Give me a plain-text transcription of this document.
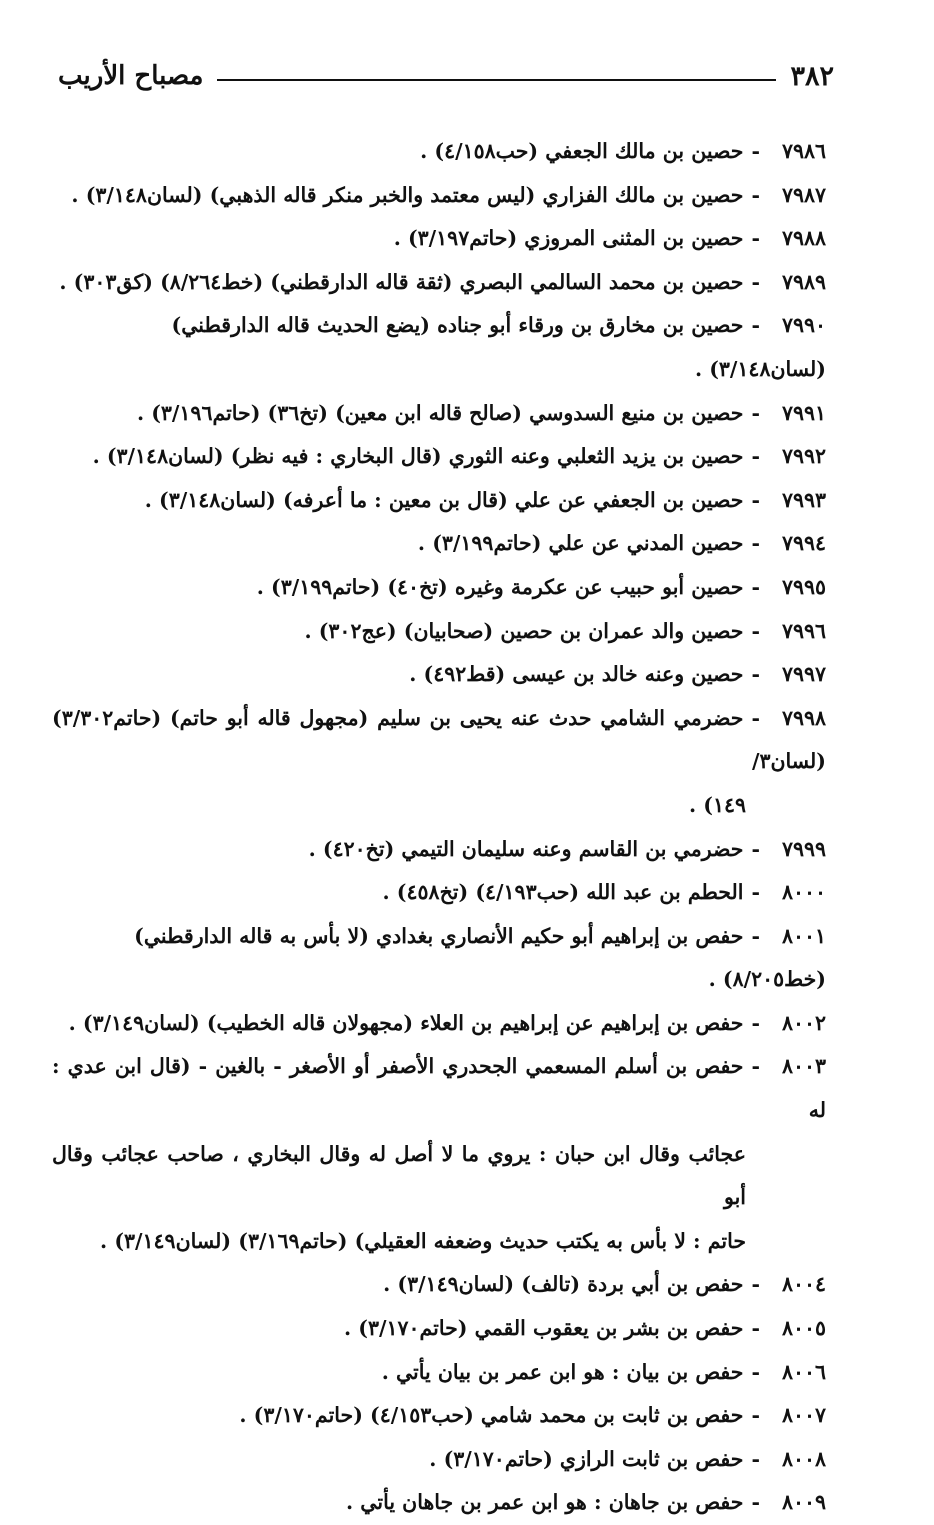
٣٨٢
مصباح الأريب
٧٩٨٦-حصين بن مالك الجعفي (حب٤/١٥٨) .
٧٩٨٧-حصين بن مالك الفزاري (ليس معتمد والخبر منكر قاله الذهبي) (لسان٣/١٤٨) .
٧٩٨٨-حصين بن المثنى المروزي (حاتم٣/١٩٧) .
٧٩٨٩-حصين بن محمد السالمي البصري (ثقة قاله الدارقطني) (خط٨/٢٦٤) (كق٣٠٣) .
٧٩٩٠-حصين بن مخارق بن ورقاء أبو جناده (يضع الحديث قاله الدارقطني) (لسان٣/١٤٨) .
٧٩٩١-حصين بن منيع السدوسي (صالح قاله ابن معين) (تخ٣٦) (حاتم٣/١٩٦) .
٧٩٩٢-حصين بن يزيد الثعلبي وعنه الثوري (قال البخاري : فيه نظر) (لسان٣/١٤٨) .
٧٩٩٣-حصين بن الجعفي عن علي (قال بن معين : ما أعرفه) (لسان٣/١٤٨) .
٧٩٩٤-حصين المدني عن علي (حاتم٣/١٩٩) .
٧٩٩٥-حصين أبو حبيب عن عكرمة وغيره (تخ٤٠) (حاتم٣/١٩٩) .
٧٩٩٦-حصين والد عمران بن حصين (صحابيان) (عج٣٠٢) .
٧٩٩٧-حصين وعنه خالد بن عيسى (قط٤٩٢) .
٧٩٩٨-حضرمي الشامي حدث عنه يحيى بن سليم (مجهول قاله أبو حاتم) (حاتم٣/٣٠٢) (لسان٣/
١٤٩) .
٧٩٩٩-حضرمي بن القاسم وعنه سليمان التيمي (تخ٤٢٠) .
٨٠٠٠-الحطم بن عبد الله (حب٤/١٩٣) (تخ٤٥٨) .
٨٠٠١-حفص بن إبراهيم أبو حكيم الأنصاري بغدادي (لا بأس به قاله الدارقطني) (خط٨/٢٠٥) .
٨٠٠٢-حفص بن إبراهيم عن إبراهيم بن العلاء (مجهولان قاله الخطيب) (لسان٣/١٤٩) .
٨٠٠٣-حفص بن أسلم المسعمي الجحدري الأصفر أو الأصغر - بالغين - (قال ابن عدي : له
عجائب وقال ابن حبان : يروي ما لا أصل له وقال البخاري ، صاحب عجائب وقال أبو
حاتم : لا بأس به يكتب حديث وضعفه العقيلي) (حاتم٣/١٦٩) (لسان٣/١٤٩) .
٨٠٠٤-حفص بن أبي بردة (تالف) (لسان٣/١٤٩) .
٨٠٠٥-حفص بن بشر بن يعقوب القمي (حاتم٣/١٧٠) .
٨٠٠٦-حفص بن بيان : هو ابن عمر بن بيان يأتي .
٨٠٠٧-حفص بن ثابت بن محمد شامي (حب٤/١٥٣) (حاتم٣/١٧٠) .
٨٠٠٨-حفص بن ثابت الرازي (حاتم٣/١٧٠) .
٨٠٠٩-حفص بن جاهان : هو ابن عمر بن جاهان يأتي .
